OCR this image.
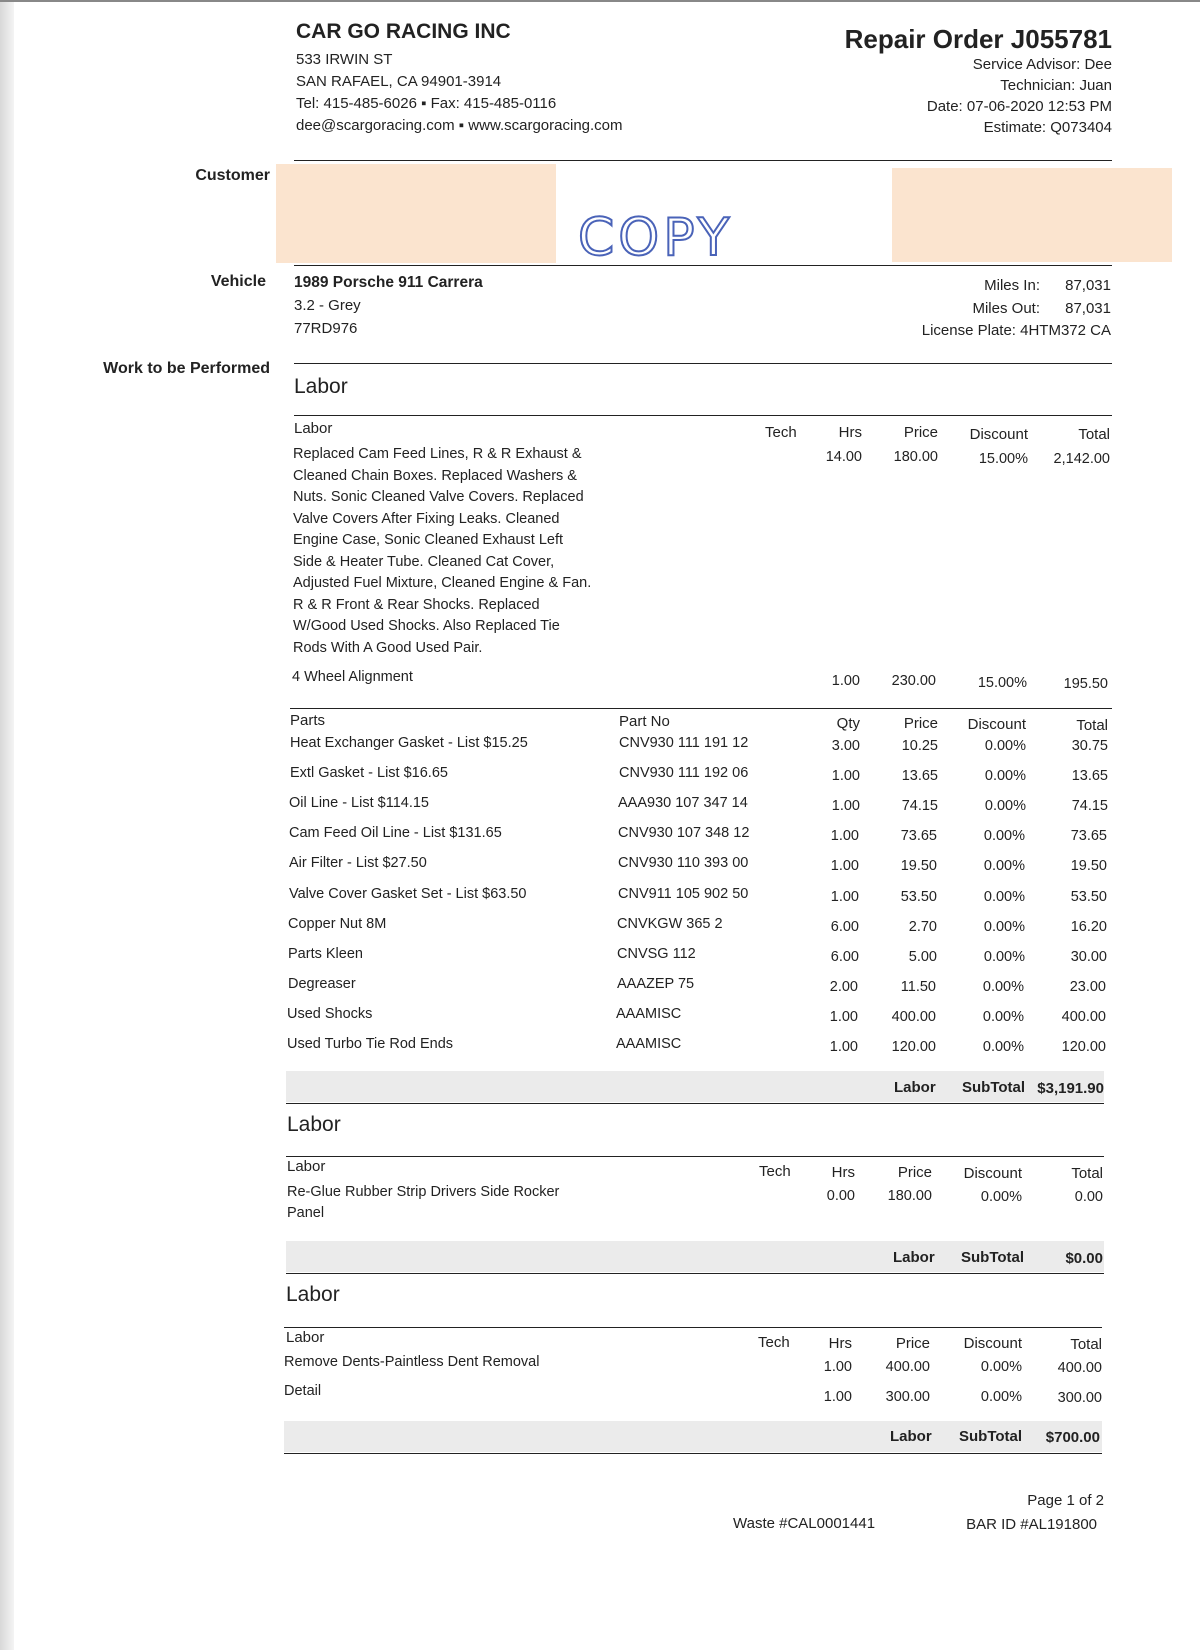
CAR GO RACING INC
533 IRWIN ST
SAN RAFAEL, CA 94901-3914
Tel: 415-485-6026 ▪ Fax: 415-485-0116
dee@scargoracing.com ▪ www.scargoracing.com
Repair Order J055781
Service Advisor: Dee
Technician: Juan
Date: 07-06-2020 12:53 PM
Estimate: Q073404
Customer
COPY
Vehicle 1989 Porsche 911 Carrera
3.2 - Grey
77RD976
Miles In: 87,031
Miles Out: 87,031
License Plate: 4HTM372 CA
Work to be Performed
Labor
Labor	Tech	Hrs	Price Discount	Total
Replaced Cam Feed Lines, R & R Exhaust & Cleaned Chain Boxes. Replaced Washers & Nuts. Sonic Cleaned Valve Covers. Replaced Valve Covers After Fixing Leaks. Cleaned Engine Case, Sonic Cleaned Exhaust Left Side & Heater Tube. Cleaned Cat Cover, Adjusted Fuel Mixture, Cleaned Engine & Fan. R & R Front & Rear Shocks. Replaced W/Good Used Shocks. Also Replaced Tie Rods With A Good Used Pair.
14.00 180.00	15.00% 2,142.00
4 Wheel Alignment	1.00 230.00	15.00%	195.50
Parts	Part No	Qty	Price Discount	Total
Heat Exchanger Gasket - List $15.25	CNV930 111 191 12	3.00	10.25	0.00%	30.75
Extl Gasket - List $16.65	CNV930 111 192 06	1.00	13.65	0.00%	13.65
Oil Line - List $114.15	AAA930 107 347 14	1.00	74.15	0.00%	74.15
Cam Feed Oil Line - List $131.65	CNV930 107 348 12	1.00	73.65	0.00%	73.65
Air Filter - List $27.50	CNV930 110 393 00	1.00	19.50	0.00%	19.50
Valve Cover Gasket Set - List $63.50	CNV911 105 902 50	1.00	53.50	0.00%	53.50
Copper Nut 8M	CNVKGW 365 2	6.00	2.70	0.00%	16.20
Parts Kleen	CNVSG 112	6.00	5.00	0.00%	30.00
Degreaser	AAAZEP 75	2.00	11.50	0.00%	23.00
Used Shocks	AAAMISC	1.00 400.00	0.00%	400.00
Used Turbo Tie Rod Ends	AAAMISC	1.00 120.00	0.00%	120.00
Labor SubTotal $3,191.90
Labor
Labor	Tech	Hrs	Price Discount	Total
Re-Glue Rubber Strip Drivers Side Rocker Panel
0.00 180.00	0.00%	0.00
Labor SubTotal	$0.00
Labor
Labor	Tech	Hrs	Price Discount	Total
Remove Dents-Paintless Dent Removal	1.00 400.00	0.00% 400.00
Detail	1.00 300.00	0.00% 300.00
Labor SubTotal $700.00
Page 1 of 2
Waste #CAL0001441	BAR ID #AL191800
